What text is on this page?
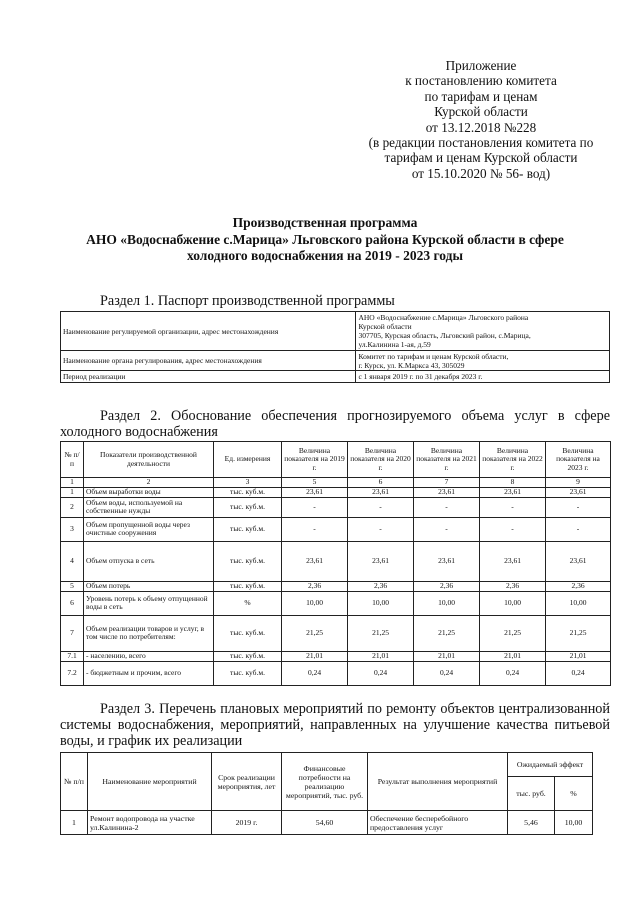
Приложение
к постановлению комитета
по тарифам и ценам
Курской области
от 13.12.2018 №228
(в редакции постановления комитета по
тарифам и ценам Курской области
от 15.10.2020 № 56- вод)
Производственная программа
АНО «Водоснабжение с.Марица» Льговского района Курской области в сфере
холодного водоснабжения на 2019 - 2023 годы
Раздел 1. Паспорт производственной программы
Наименование регулируемой организации, адрес местонахождения	АНО «Водоснабжение с.Марица» Льговского района
Курской области
307705, Курская область, Льговский район, с.Марица,
ул.Калинина 1-ая, д.59

Наименование органа регулирования, адрес местонахождения	Комитет по тарифам и ценам Курской области,
г. Курск, ул. К.Маркса 43, 305029

Период реализации	с 1 января 2019 г. по 31 декабря 2023 г.
Раздел 2. Обоснование обеспечения прогнозируемого объема услуг в сфере холодного водоснабжения
№ п/п	Показатели производственной деятельности	Ед. измерения	Величина показателя на 2019 г.	Величина показателя на 2020 г.	Величина показателя на 2021 г.	Величина показателя на 2022 г.	Величина показателя на 2023 г.
1	2	3	5	6	7	8	9
1	Объем выработки воды	тыс. куб.м.	23,61	23,61	23,61	23,61	23,61
2	Объем воды, используемой на собственные нужды	тыс. куб.м.	-	-	-	-	-
3	Объем пропущенной воды через очистные сооружения	тыс. куб.м.	-	-	-	-	-
4	Объем отпуска в сеть	тыс. куб.м.	23,61	23,61	23,61	23,61	23,61
5	Объем потерь	тыс. куб.м.	2,36	2,36	2,36	2,36	2,36
6	Уровень потерь к объему отпущенной воды в сеть	%	10,00	10,00	10,00	10,00	10,00
7	Объем реализации товаров и услуг, в том числе по потребителям:	тыс. куб.м.	21,25	21,25	21,25	21,25	21,25
7.1	- населению, всего	тыс. куб.м.	21,01	21,01	21,01	21,01	21,01
7.2	- бюджетным и прочим, всего	тыс. куб.м.	0,24	0,24	0,24	0,24	0,24
Раздел 3. Перечень плановых мероприятий по ремонту объектов централизованной системы водоснабжения, мероприятий, направленных на улучшение качества питьевой воды, и график их реализации
№ п/п	Наименование мероприятий	Срок реализации мероприятия, лет	Финансовые потребности на реализацию мероприятий, тыс. руб.	Результат выполнения мероприятий	Ожидаемый эффект	
					тыс. руб.	%
1	Ремонт водопровода на участке ул.Калинина-2	2019 г.	54,60	Обеспечение бесперебойного предоставления услуг	5,46	10,00
